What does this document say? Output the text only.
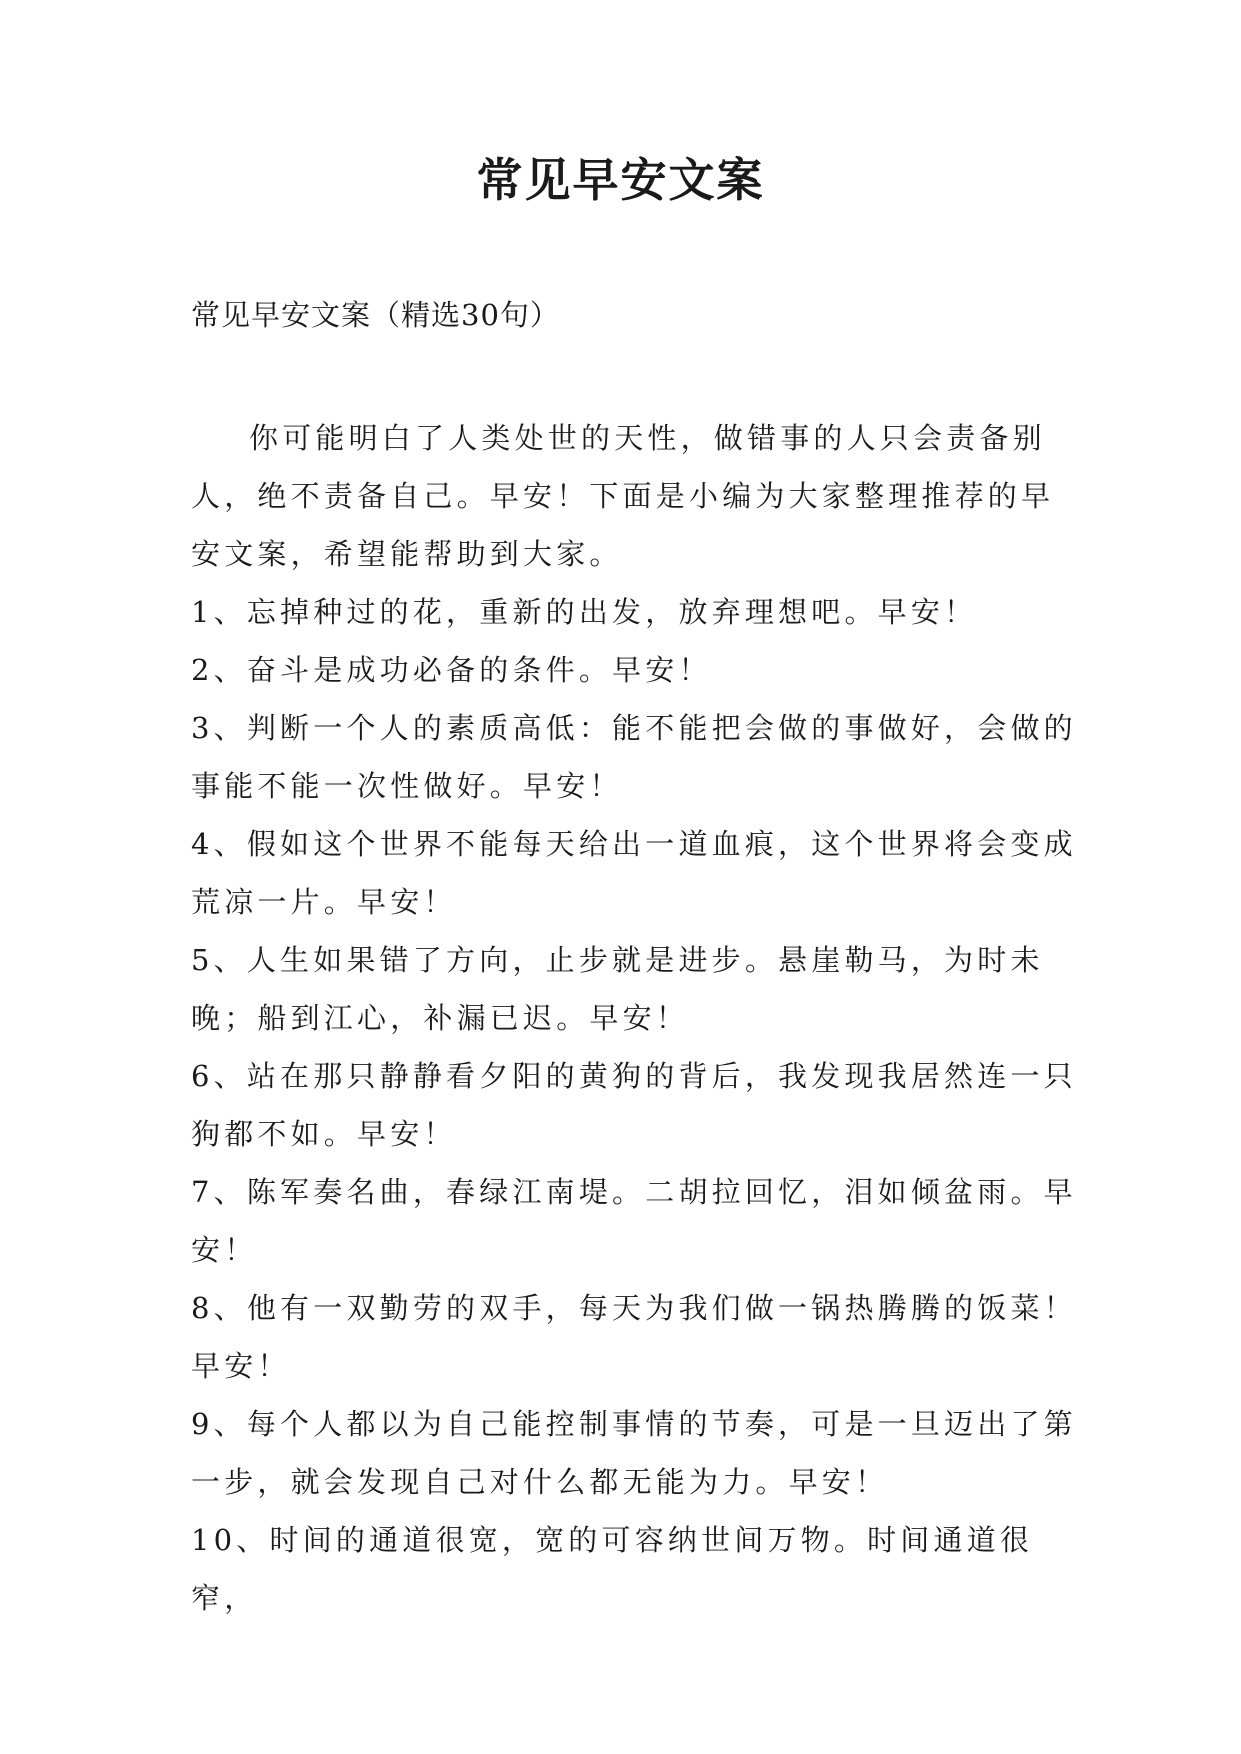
常见早安文案

常见早安文案（精选30句）

你可能明白了人类处世的天性，做错事的人只会责备别人，绝不责备自己。早安！下面是小编为大家整理推荐的早安文案，希望能帮助到大家。

1、忘掉种过的花，重新的出发，放弃理想吧。早安！

2、奋斗是成功必备的条件。早安！

3、判断一个人的素质高低：能不能把会做的事做好，会做的事能不能一次性做好。早安！

4、假如这个世界不能每天给出一道血痕，这个世界将会变成荒凉一片。早安！

5、人生如果错了方向，止步就是进步。悬崖勒马，为时未晚；船到江心，补漏已迟。早安！

6、站在那只静静看夕阳的黄狗的背后，我发现我居然连一只狗都不如。早安！

7、陈军奏名曲，春绿江南堤。二胡拉回忆，泪如倾盆雨。早安！

8、他有一双勤劳的双手，每天为我们做一锅热腾腾的饭菜！早安！

9、每个人都以为自己能控制事情的节奏，可是一旦迈出了第一步，就会发现自己对什么都无能为力。早安！

10、时间的通道很宽，宽的可容纳世间万物。时间通道很窄，
